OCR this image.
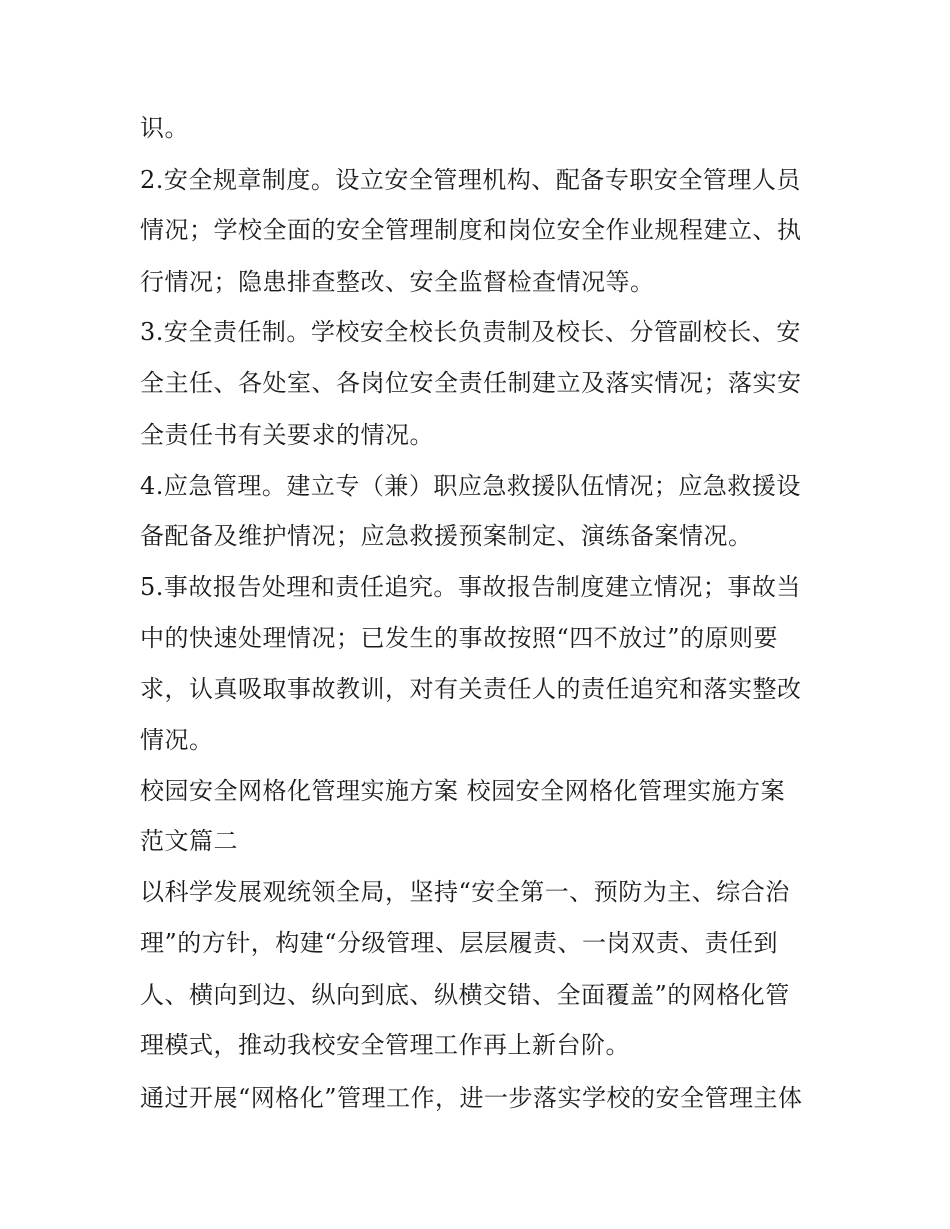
识。
2.安全规章制度。设立安全管理机构、配备专职安全管理人员
情况；学校全面的安全管理制度和岗位安全作业规程建立、执
行情况；隐患排查整改、安全监督检查情况等。
3.安全责任制。学校安全校长负责制及校长、分管副校长、安
全主任、各处室、各岗位安全责任制建立及落实情况；落实安
全责任书有关要求的情况。
4.应急管理。建立专（兼）职应急救援队伍情况；应急救援设
备配备及维护情况；应急救援预案制定、演练备案情况。
5.事故报告处理和责任追究。事故报告制度建立情况；事故当
中的快速处理情况；已发生的事故按照“四不放过”的原则要
求，认真吸取事故教训，对有关责任人的责任追究和落实整改
情况。
校园安全网格化管理实施方案 校园安全网格化管理实施方案
范文篇二
以科学发展观统领全局，坚持“安全第一、预防为主、综合治
理”的方针，构建“分级管理、层层履责、一岗双责、责任到
人、横向到边、纵向到底、纵横交错、全面覆盖”的网格化管
理模式，推动我校安全管理工作再上新台阶。
通过开展“网格化”管理工作，进一步落实学校的安全管理主体
